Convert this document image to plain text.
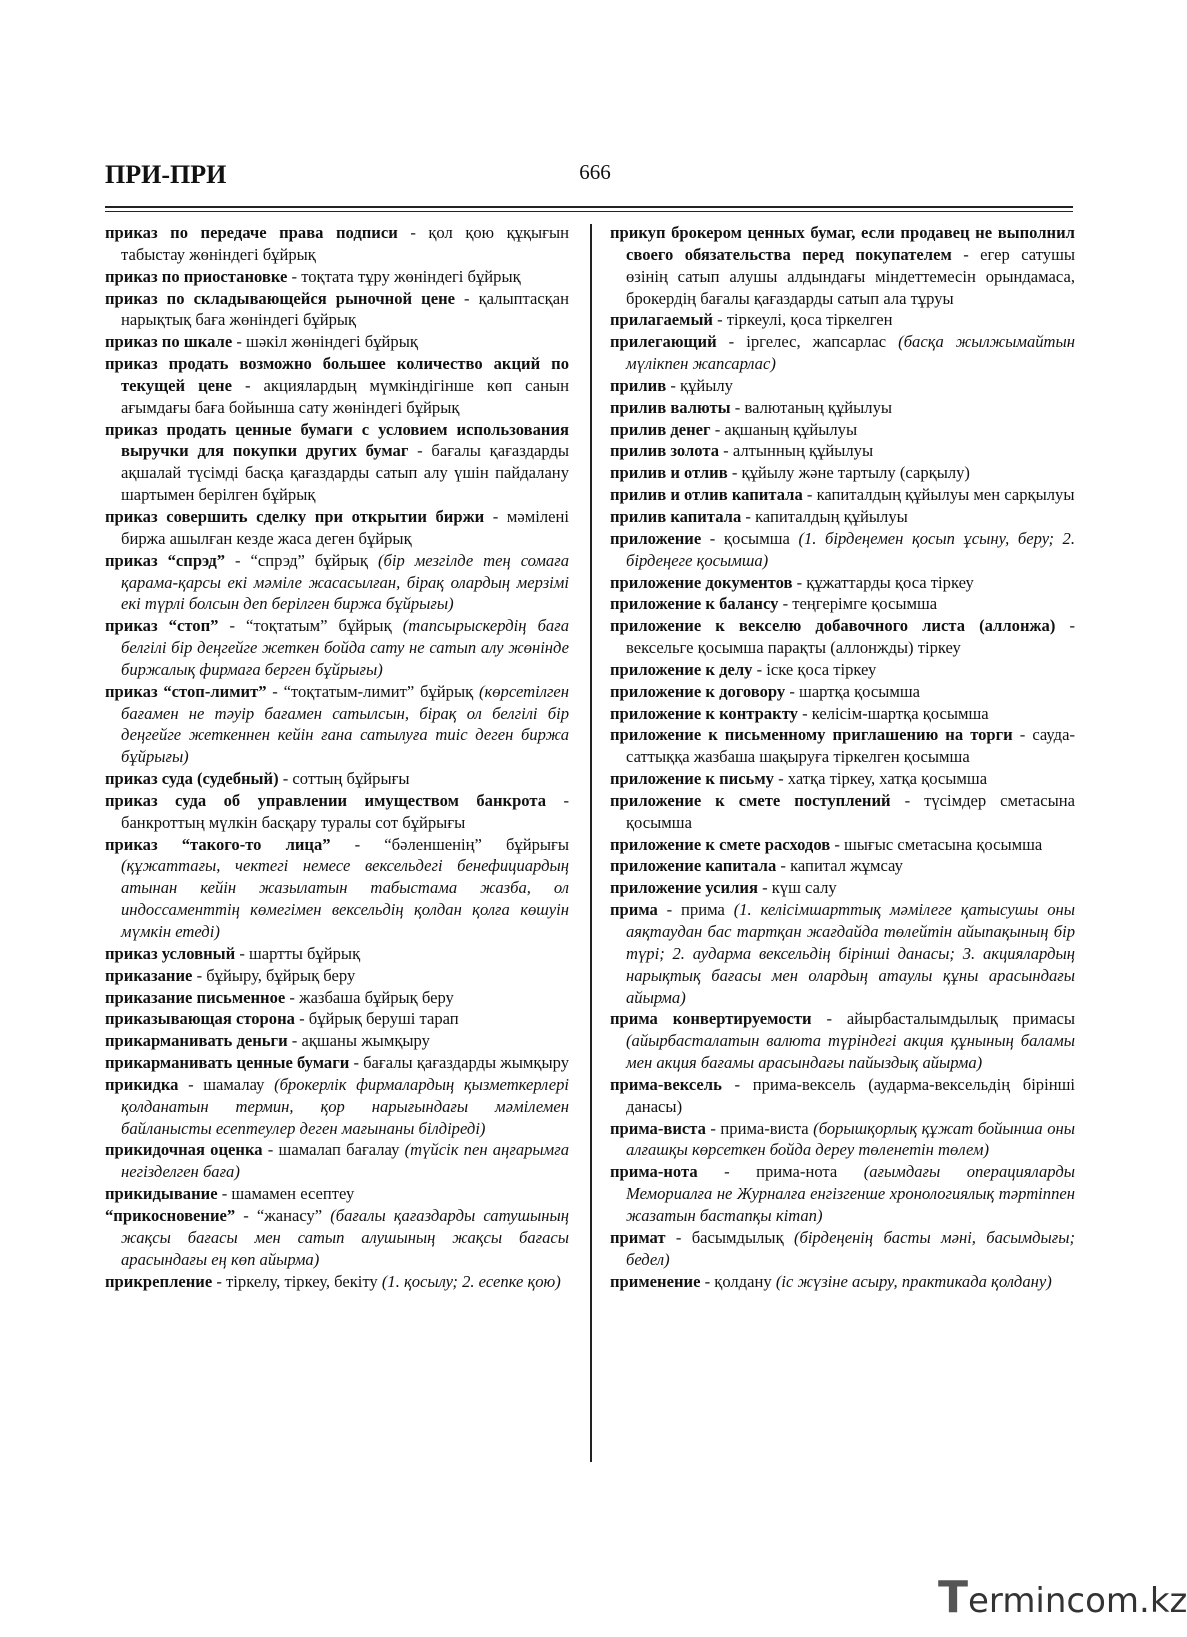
ПРИ-ПРИ	666
приказ по передаче права подписи - қол қою құқығын табыстау жөніндегі бұйрық
приказ по приостановке - тоқтата тұру жөніндегі бұйрық
приказ по складывающейся рыночной цене - қалыптасқан нарықтық баға жөніндегі бұйрық
приказ по шкале - шәкіл жөніндегі бұйрық
приказ продать возможно большее количество акций по текущей цене - акциялардың мүмкіндігінше көп санын ағымдағы баға бойынша сату жөніндегі бұйрық
приказ продать ценные бумаги с условием использования выручки для покупки других бумаг - бағалы қағаздарды ақшалай түсімді басқа қағаздарды сатып алу үшін пайдалану шартымен берілген бұйрық
приказ совершить сделку при открытии биржи - мәмілені биржа ашылған кезде жаса деген бұйрық
приказ “спрэд” - “спрэд” бұйрық (бір мезгілде тең сомаға қарама-қарсы екі мәміле жасасылған, бірақ олардың мерзімі екі түрлі болсын деп берілген биржа бұйрығы)
приказ “стоп” - “тоқтатым” бұйрық (тапсырыскердің баға белгілі бір деңгейге жеткен бойда сату не сатып алу жөнінде биржалық фирмаға берген бұйрығы)
приказ “стоп-лимит” - “тоқтатым-лимит” бұйрық (көрсетілген бағамен не тәуір бағамен сатылсын, бірақ ол белгілі бір деңгейге жеткеннен кейін ғана сатылуға тиіс деген биржа бұйрығы)
приказ суда (судебный) - соттың бұйрығы
приказ суда об управлении имуществом банкрота - банкроттың мүлкін басқару туралы сот бұйрығы
приказ “такого-то лица” - “бәленшенің” бұйрығы (құжаттағы, чектегі немесе вексельдегі бенефициардың атынан кейін жазылатын табыстама жазба, ол индоссаменттің көмегімен вексельдің қолдан қолға көшуін мүмкін етеді)
приказ условный - шартты бұйрық
приказание - бұйыру, бұйрық беру
приказание письменное - жазбаша бұйрық беру
приказывающая сторона - бұйрық беруші тарап
прикарманивать деньги - ақшаны жымқыру
прикарманивать ценные бумаги - бағалы қағаздарды жымқыру
прикидка - шамалау (брокерлік фирмалардың қызметкерлері қолданатын термин, қор нарығындағы мәмілемен байланысты есептеулер деген мағынаны білдіреді)
прикидочная оценка - шамалап бағалау (түйсік пен аңғарымға негізделген баға)
прикидывание - шамамен есептеу
“прикосновение” - “жанасу” (бағалы қағаздарды сатушының жақсы бағасы мен сатып алушының жақсы бағасы арасындағы ең көп айырма)
прикрепление - тіркелу, тіркеу, бекіту (1. қосылу; 2. есепке қою)
прикуп брокером ценных бумаг, если продавец не выполнил своего обязательства перед покупателем - егер сатушы өзінің сатып алушы алдындағы міндеттемесін орындамаса, брокердің бағалы қағаздарды сатып ала тұруы
прилагаемый - тіркеулі, қоса тіркелген
прилегающий - іргелес, жапсарлас (басқа жылжымайтын мүлікпен жапсарлас)
прилив - құйылу
прилив валюты - валютаның құйылуы
прилив денег - ақшаның құйылуы
прилив золота - алтынның құйылуы
прилив и отлив - құйылу және тартылу (сарқылу)
прилив и отлив капитала - капиталдың құйылуы мен сарқылуы
прилив капитала - капиталдың құйылуы
приложение - қосымша (1. бірдеңемен қосып ұсыну, беру; 2. бірдеңеге қосымша)
приложение документов - құжаттарды қоса тіркеу
приложение к балансу - теңгерімге қосымша
приложение к векселю добавочного листа (аллонжа) - вексельге қосымша парақты (аллонжды) тіркеу
приложение к делу - іске қоса тіркеу
приложение к договору - шартқа қосымша
приложение к контракту - келісім-шартқа қосымша
приложение к письменному приглашению на торги - сауда-саттыққа жазбаша шақыруға тіркелген қосымша
приложение к письму - хатқа тіркеу, хатқа қосымша
приложение к смете поступлений - түсімдер сметасына қосымша
приложение к смете расходов - шығыс сметасына қосымша
приложение капитала - капитал жұмсау
приложение усилия - күш салу
прима - прима (1. келісімшарттық мәмілеге қатысушы оны аяқтаудан бас тартқан жағдайда төлейтін айыпақының бір түрі; 2. аударма вексельдің бірінші данасы; 3. акциялардың нарықтық бағасы мен олардың атаулы құны арасындағы айырма)
прима конвертируемости - айырбасталымдылық примасы (айырбасталатын валюта түріндегі акция құнының баламы мен акция бағамы арасындағы пайыздық айырма)
прима-вексель - прима-вексель (аударма-вексельдің бірінші данасы)
прима-виста - прима-виста (борышқорлық құжат бойынша оны алғашқы көрсеткен бойда дереу төленетін төлем)
прима-нота - прима-нота (ағымдағы операцияларды Мемориалға не Журналға енгізгенше хронологиялық тәртіппен жазатын бастапқы кітап)
примат - басымдылық (бірдеңенің басты мәні, басымдығы; бедел)
применение - қолдану (іс жүзіне асыру, практикада қолдану)
Termincom.kz
